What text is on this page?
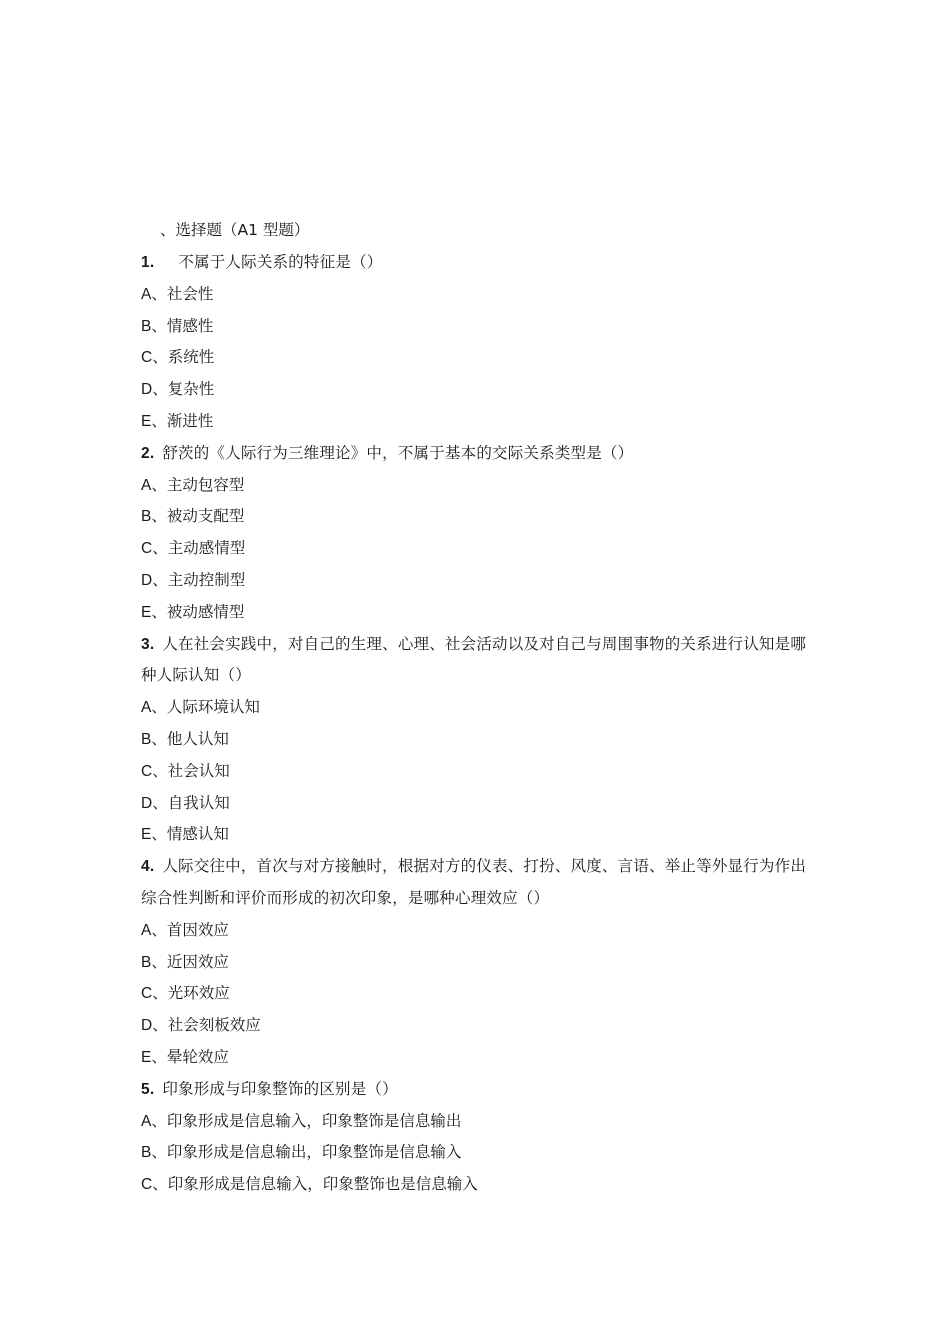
、选择题（A1 型题）

1. 不属于人际关系的特征是（）

A、社会性
B、情感性
C、系统性
D、复杂性
E、渐进性

2. 舒茨的《人际行为三维理论》中，不属于基本的交际关系类型是（）

A、主动包容型
B、被动支配型
C、主动感情型
D、主动控制型
E、被动感情型

3. 人在社会实践中，对自己的生理、心理、社会活动以及对自己与周围事物的关系进行认知是哪种人际认知（）

A、人际环境认知
B、他人认知
C、社会认知
D、自我认知
E、情感认知

4. 人际交往中，首次与对方接触时，根据对方的仪表、打扮、风度、言语、举止等外显行为作出综合性判断和评价而形成的初次印象，是哪种心理效应（）

A、首因效应
B、近因效应
C、光环效应
D、社会刻板效应
E、晕轮效应

5. 印象形成与印象整饰的区别是（）

A、印象形成是信息输入，印象整饰是信息输出
B、印象形成是信息输出，印象整饰是信息输入
C、印象形成是信息输入，印象整饰也是信息输入
